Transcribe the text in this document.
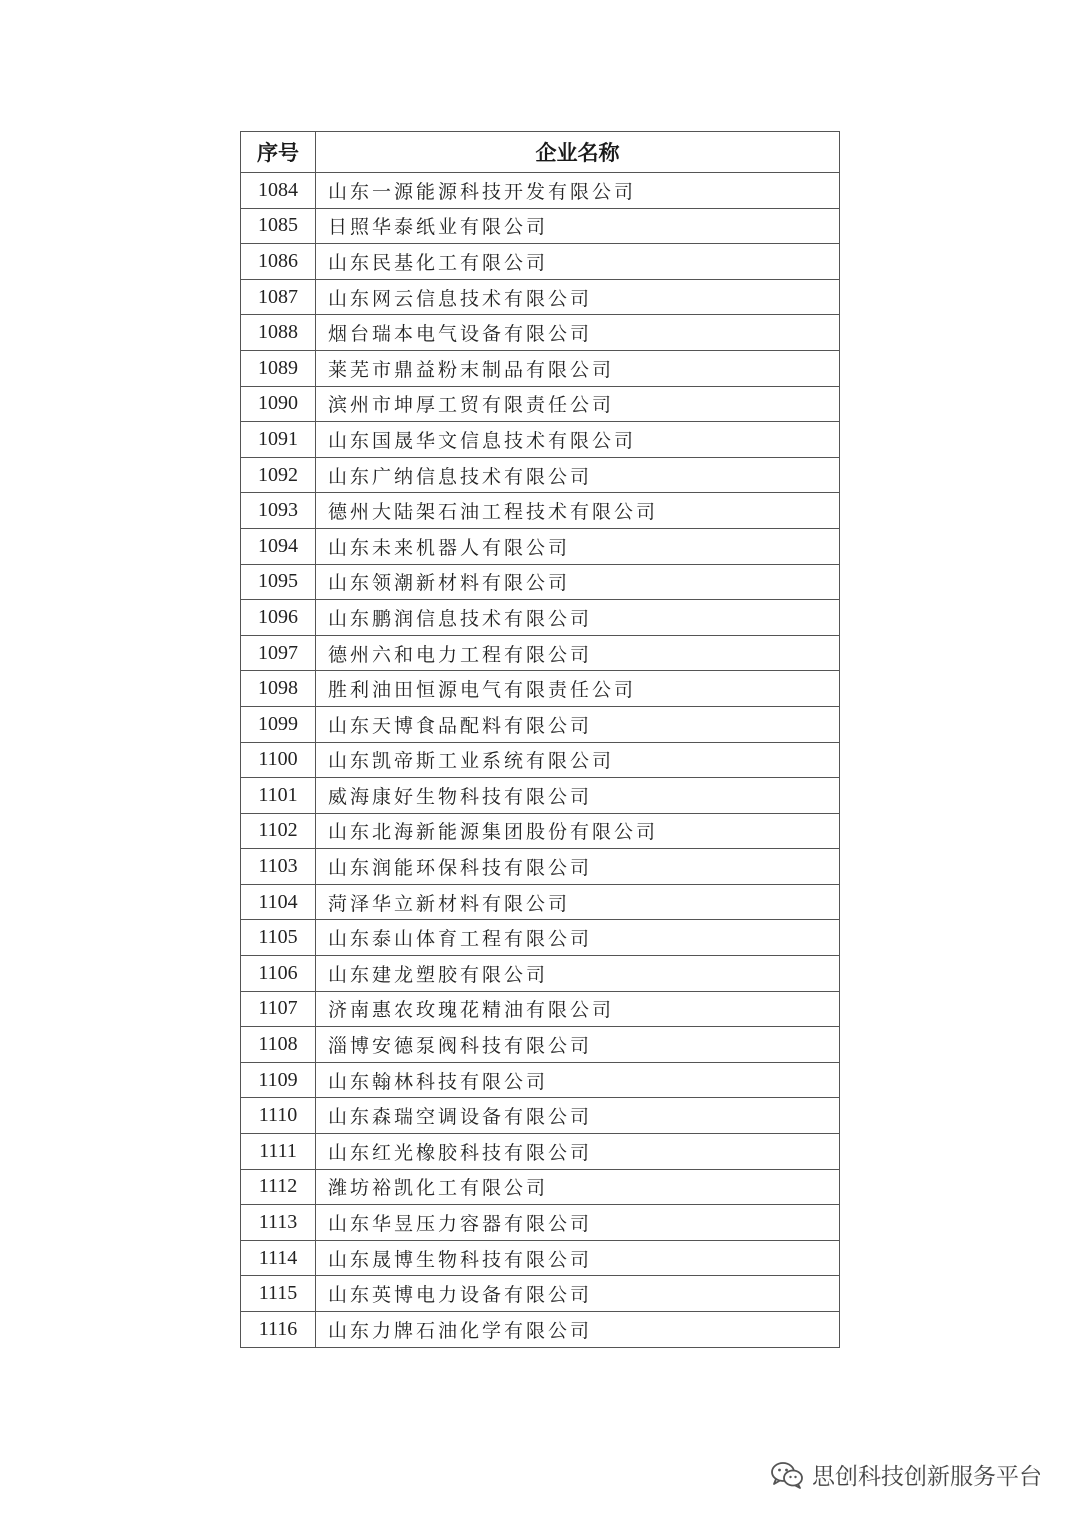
序号	企业名称
1084	山东一源能源科技开发有限公司
1085	日照华泰纸业有限公司
1086	山东民基化工有限公司
1087	山东网云信息技术有限公司
1088	烟台瑞本电气设备有限公司
1089	莱芜市鼎益粉末制品有限公司
1090	滨州市坤厚工贸有限责任公司
1091	山东国晟华文信息技术有限公司
1092	山东广纳信息技术有限公司
1093	德州大陆架石油工程技术有限公司
1094	山东未来机器人有限公司
1095	山东领潮新材料有限公司
1096	山东鹏润信息技术有限公司
1097	德州六和电力工程有限公司
1098	胜利油田恒源电气有限责任公司
1099	山东天博食品配料有限公司
1100	山东凯帝斯工业系统有限公司
1101	威海康好生物科技有限公司
1102	山东北海新能源集团股份有限公司
1103	山东润能环保科技有限公司
1104	菏泽华立新材料有限公司
1105	山东泰山体育工程有限公司
1106	山东建龙塑胶有限公司
1107	济南惠农玫瑰花精油有限公司
1108	淄博安德泵阀科技有限公司
1109	山东翰林科技有限公司
1110	山东森瑞空调设备有限公司
1111	山东红光橡胶科技有限公司
1112	潍坊裕凯化工有限公司
1113	山东华昱压力容器有限公司
1114	山东晟博生物科技有限公司
1115	山东英博电力设备有限公司
1116	山东力牌石油化学有限公司
思创科技创新服务平台
